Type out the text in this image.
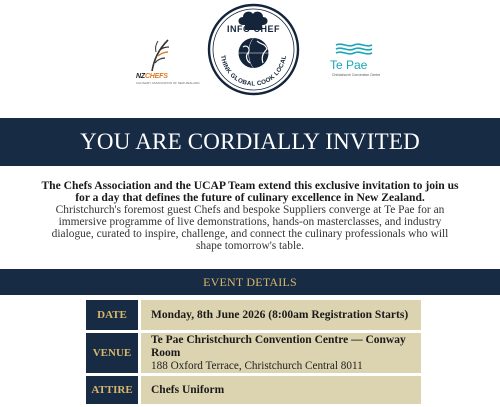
NZCHEFS
CULINARY ASSOCIATION OF NEW ZEALAND
THINK GLOBAL COOK LOCAL
INFO CHEF
Te Pae
Christchurch Convention Centre
YOU ARE CORDIALLY INVITED
The Chefs Association and the UCAP Team extend this exclusive invitation to join us for a day that defines the future of culinary excellence in New Zealand.
Christchurch's foremost guest Chefs and bespoke Suppliers converge at Te Pae for an immersive programme of live demonstrations, hands-on masterclasses, and industry dialogue, curated to inspire, challenge, and connect the culinary professionals who will shape tomorrow's table.
EVENT DETAILS
DATE	Monday, 8th June 2026 (8:00am Registration Starts)
VENUE
Te Pae Christchurch Convention Centre — Conway Room
188 Oxford Terrace, Christchurch Central 8011
ATTIRE	Chefs Uniform
